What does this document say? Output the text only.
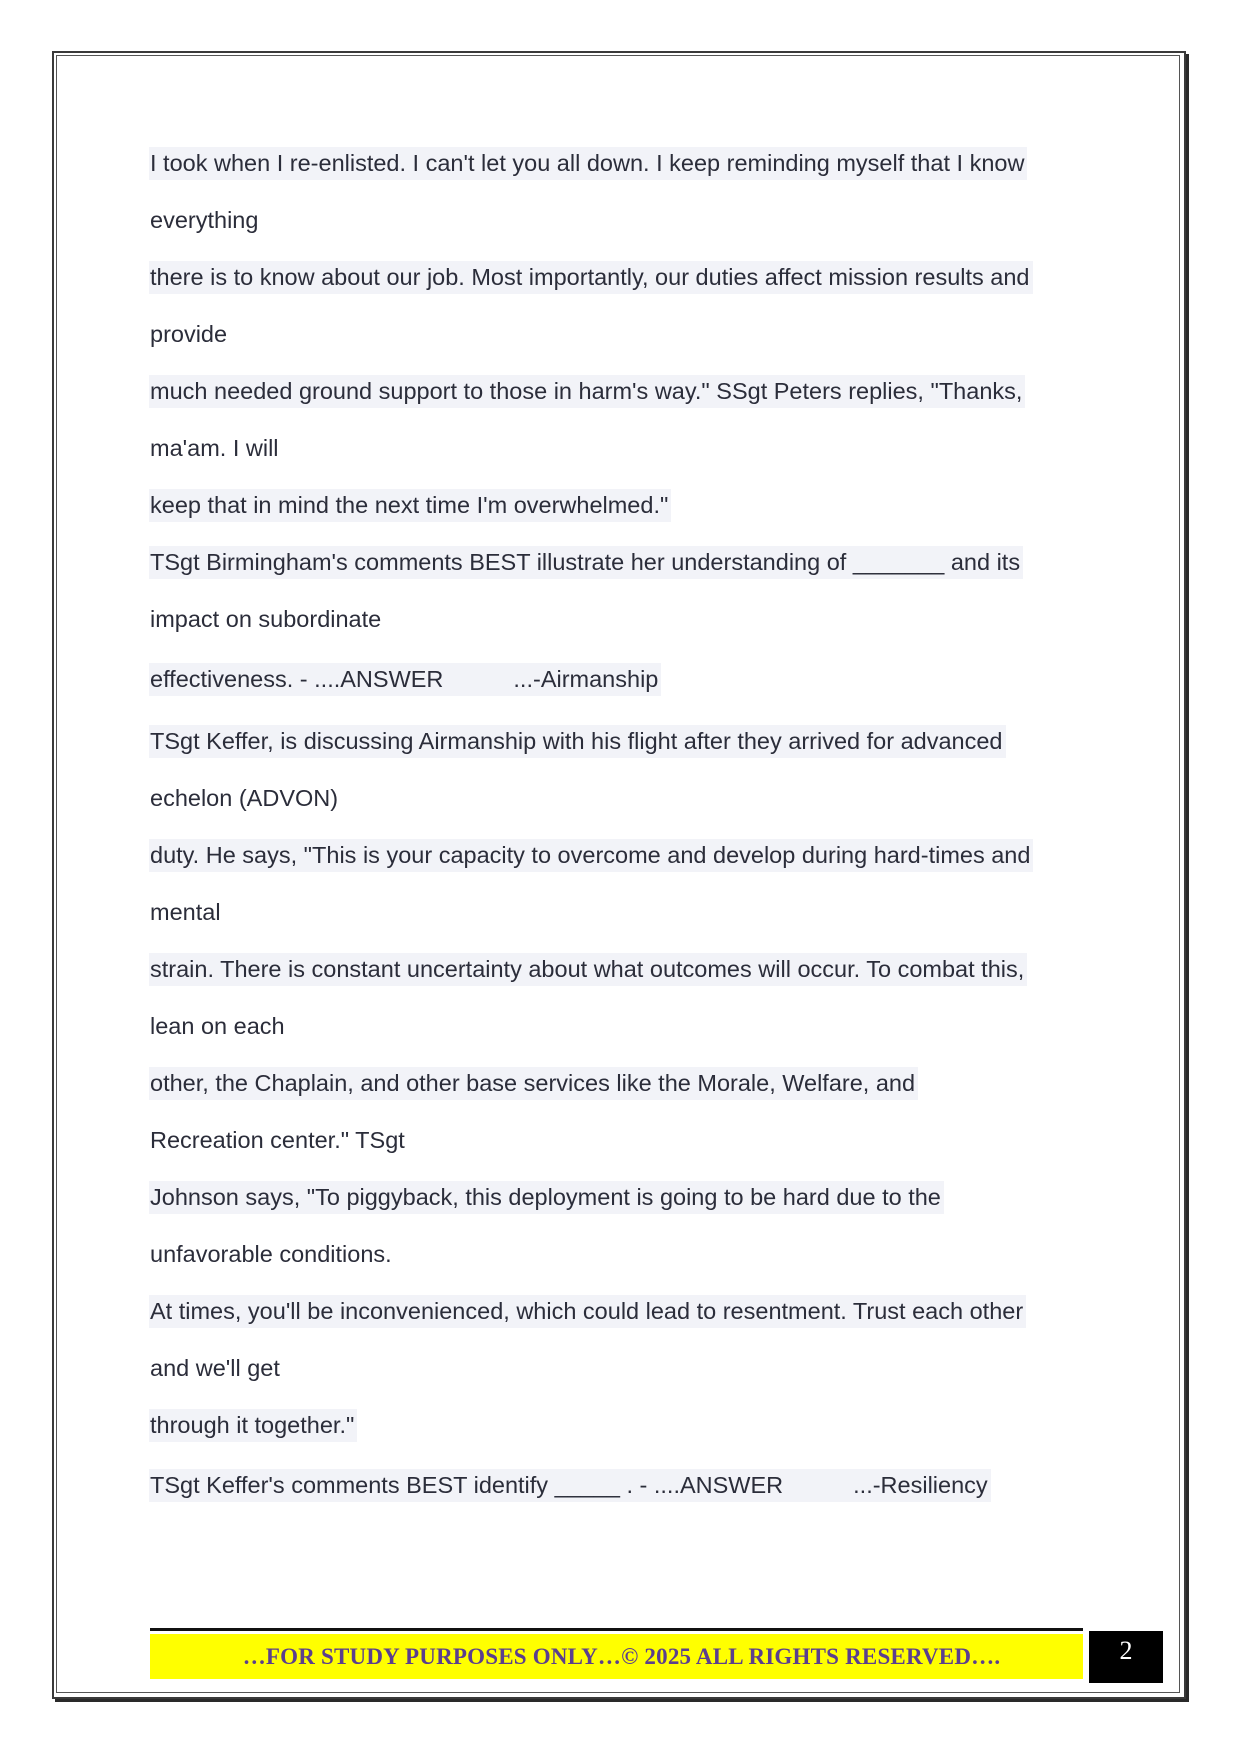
I took when I re-enlisted. I can't let you all down. I keep reminding myself that I know
everything
there is to know about our job. Most importantly, our duties affect mission results and
provide
much needed ground support to those in harm's way." SSgt Peters replies, "Thanks,
ma'am. I will
keep that in mind the next time I'm overwhelmed."
TSgt Birmingham's comments BEST illustrate her understanding of _______ and its
impact on subordinate
effectiveness. - ....ANSWER	...-Airmanship
TSgt Keffer, is discussing Airmanship with his flight after they arrived for advanced
echelon (ADVON)
duty. He says, "This is your capacity to overcome and develop during hard-times and
mental
strain. There is constant uncertainty about what outcomes will occur. To combat this,
lean on each
other, the Chaplain, and other base services like the Morale, Welfare, and
Recreation center." TSgt
Johnson says, "To piggyback, this deployment is going to be hard due to the
unfavorable conditions.
At times, you'll be inconvenienced, which could lead to resentment. Trust each other
and we'll get
through it together."
TSgt Keffer's comments BEST identify _____ . - ....ANSWER	...-Resiliency
…FOR STUDY PURPOSES ONLY…© 2025 ALL RIGHTS RESERVED….	2
